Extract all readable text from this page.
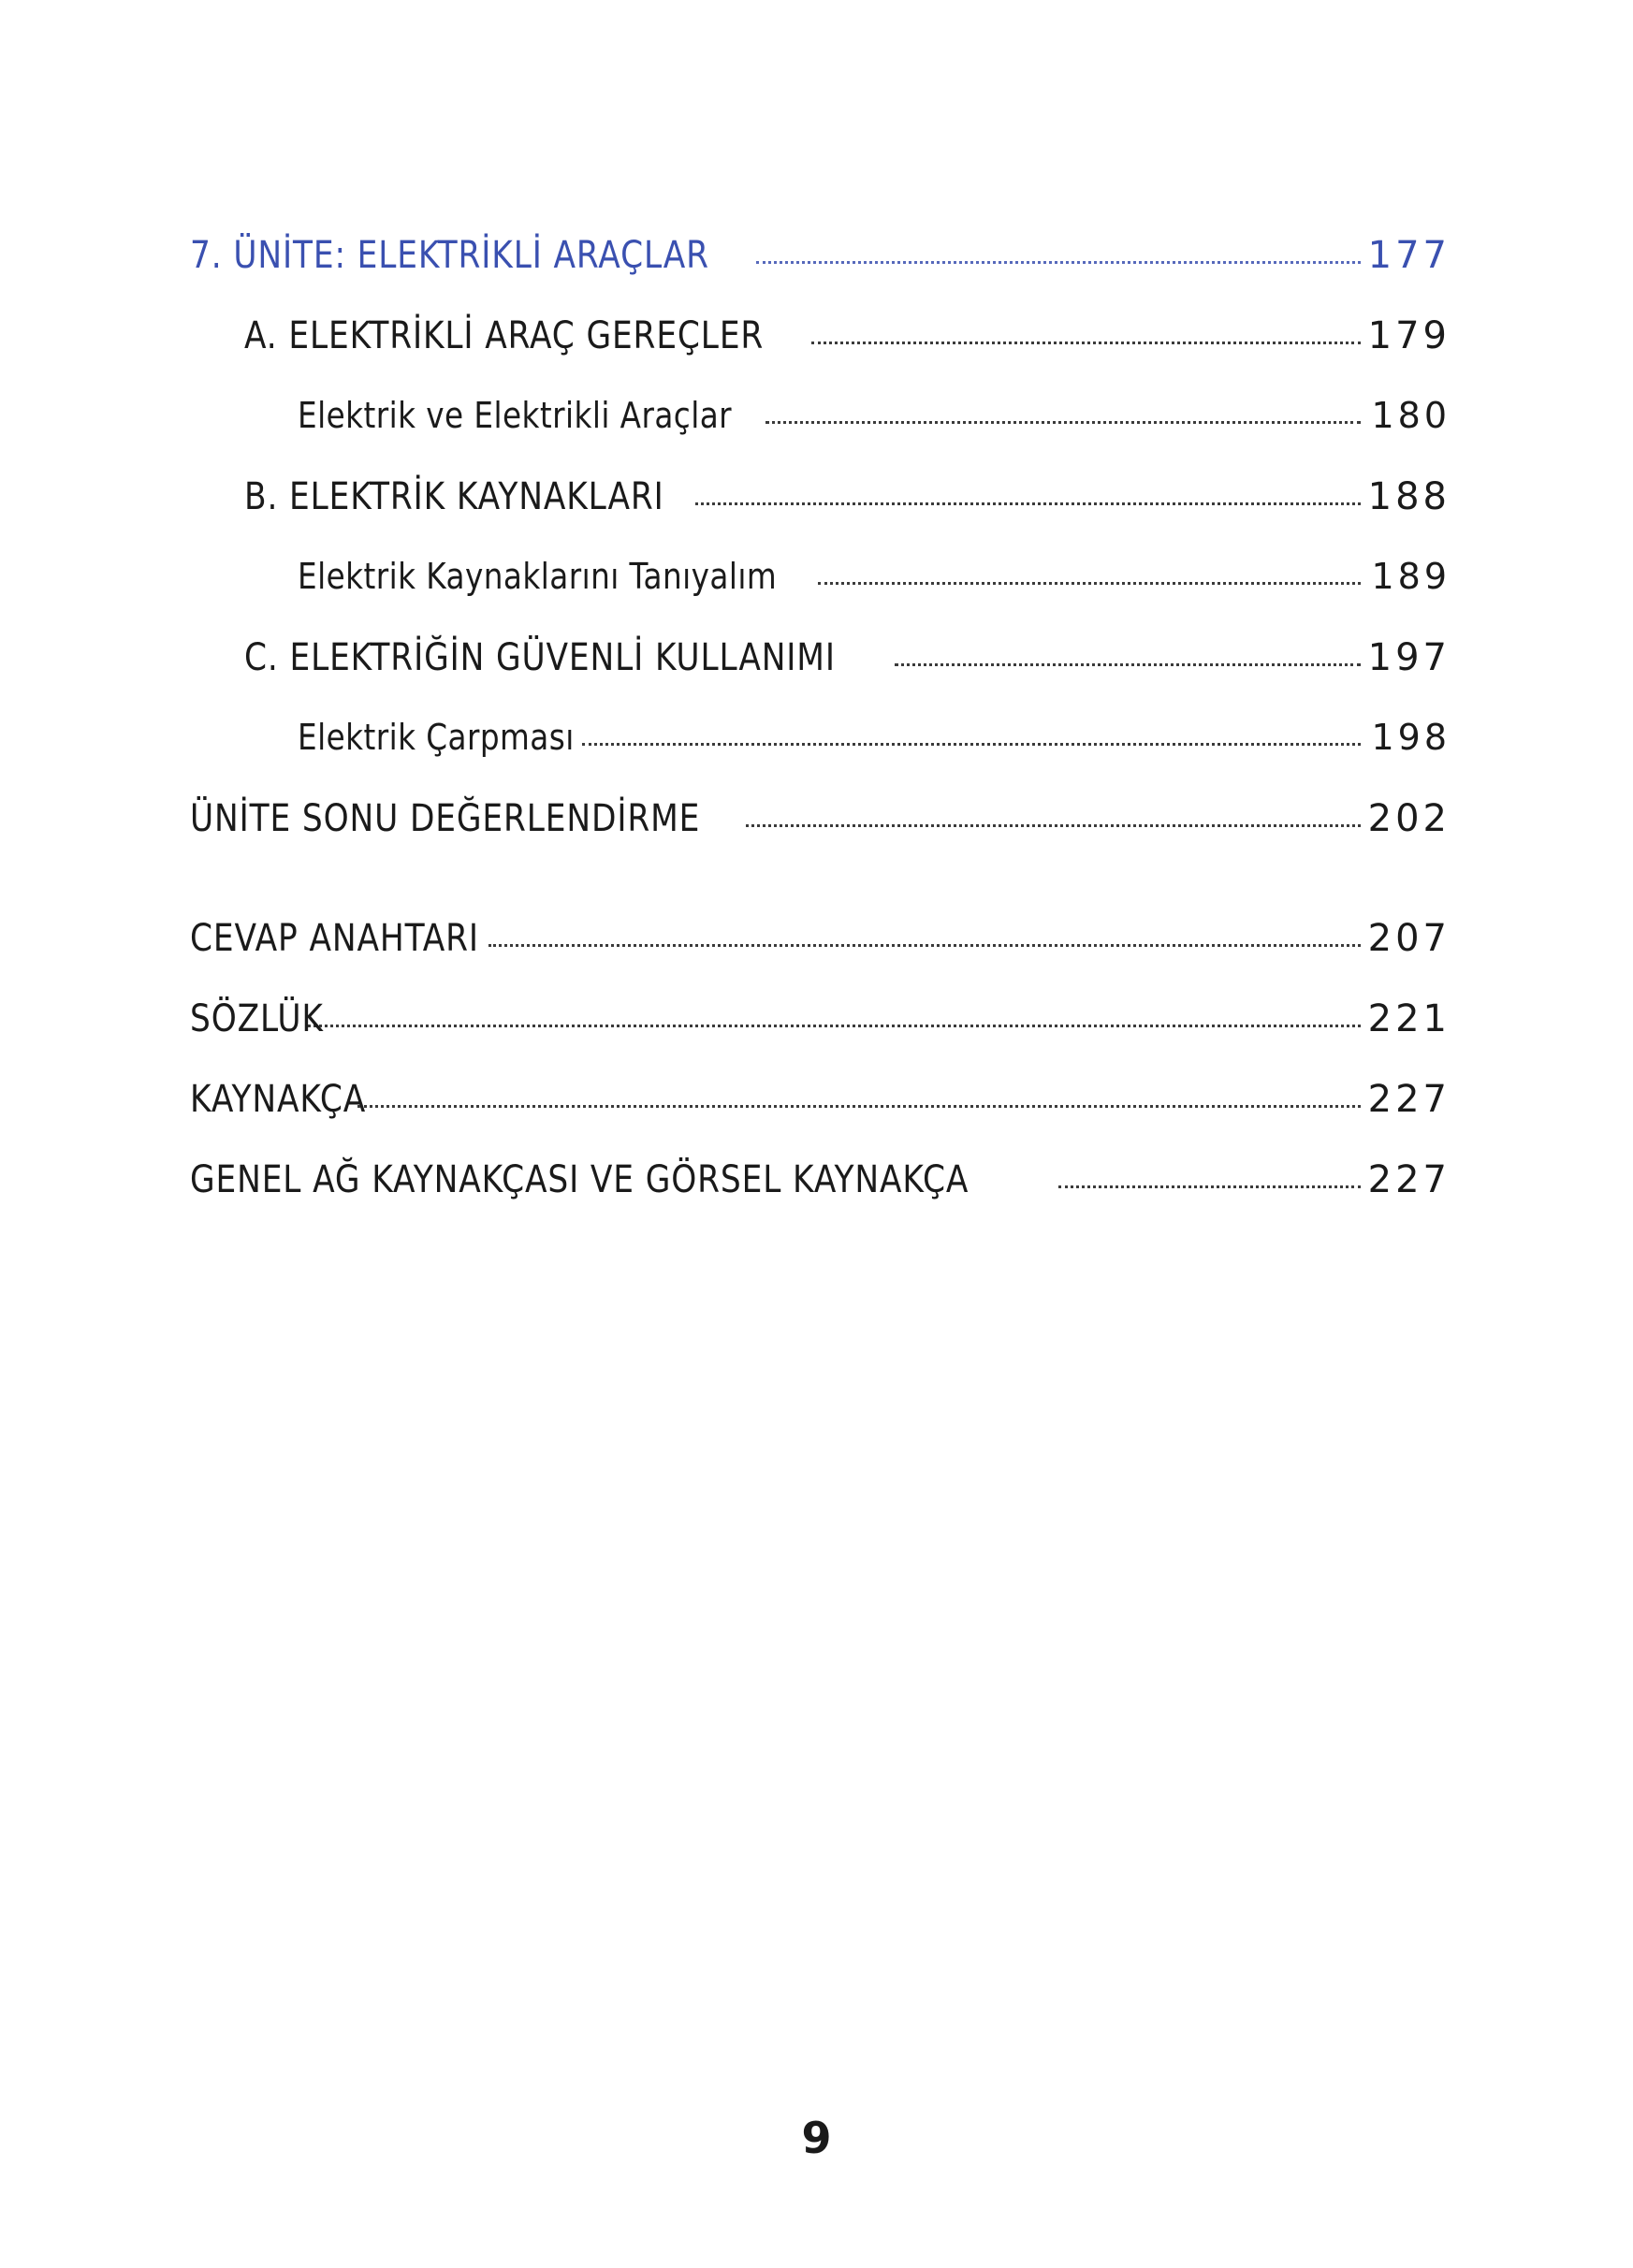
7. ÜNİTE: ELEKTRİKLİ ARAÇLAR	177
A. ELEKTRİKLİ ARAÇ GEREÇLER	179
Elektrik ve Elektrikli Araçlar	180
B. ELEKTRİK KAYNAKLARI	188
Elektrik Kaynaklarını Tanıyalım	189
C. ELEKTRİĞİN GÜVENLİ KULLANIMI	197
Elektrik Çarpması	198
ÜNİTE SONU DEĞERLENDİRME	202
CEVAP ANAHTARI	207
SÖZLÜK	221
KAYNAKÇA	227
GENEL AĞ KAYNAKÇASI VE GÖRSEL KAYNAKÇA	227
9
